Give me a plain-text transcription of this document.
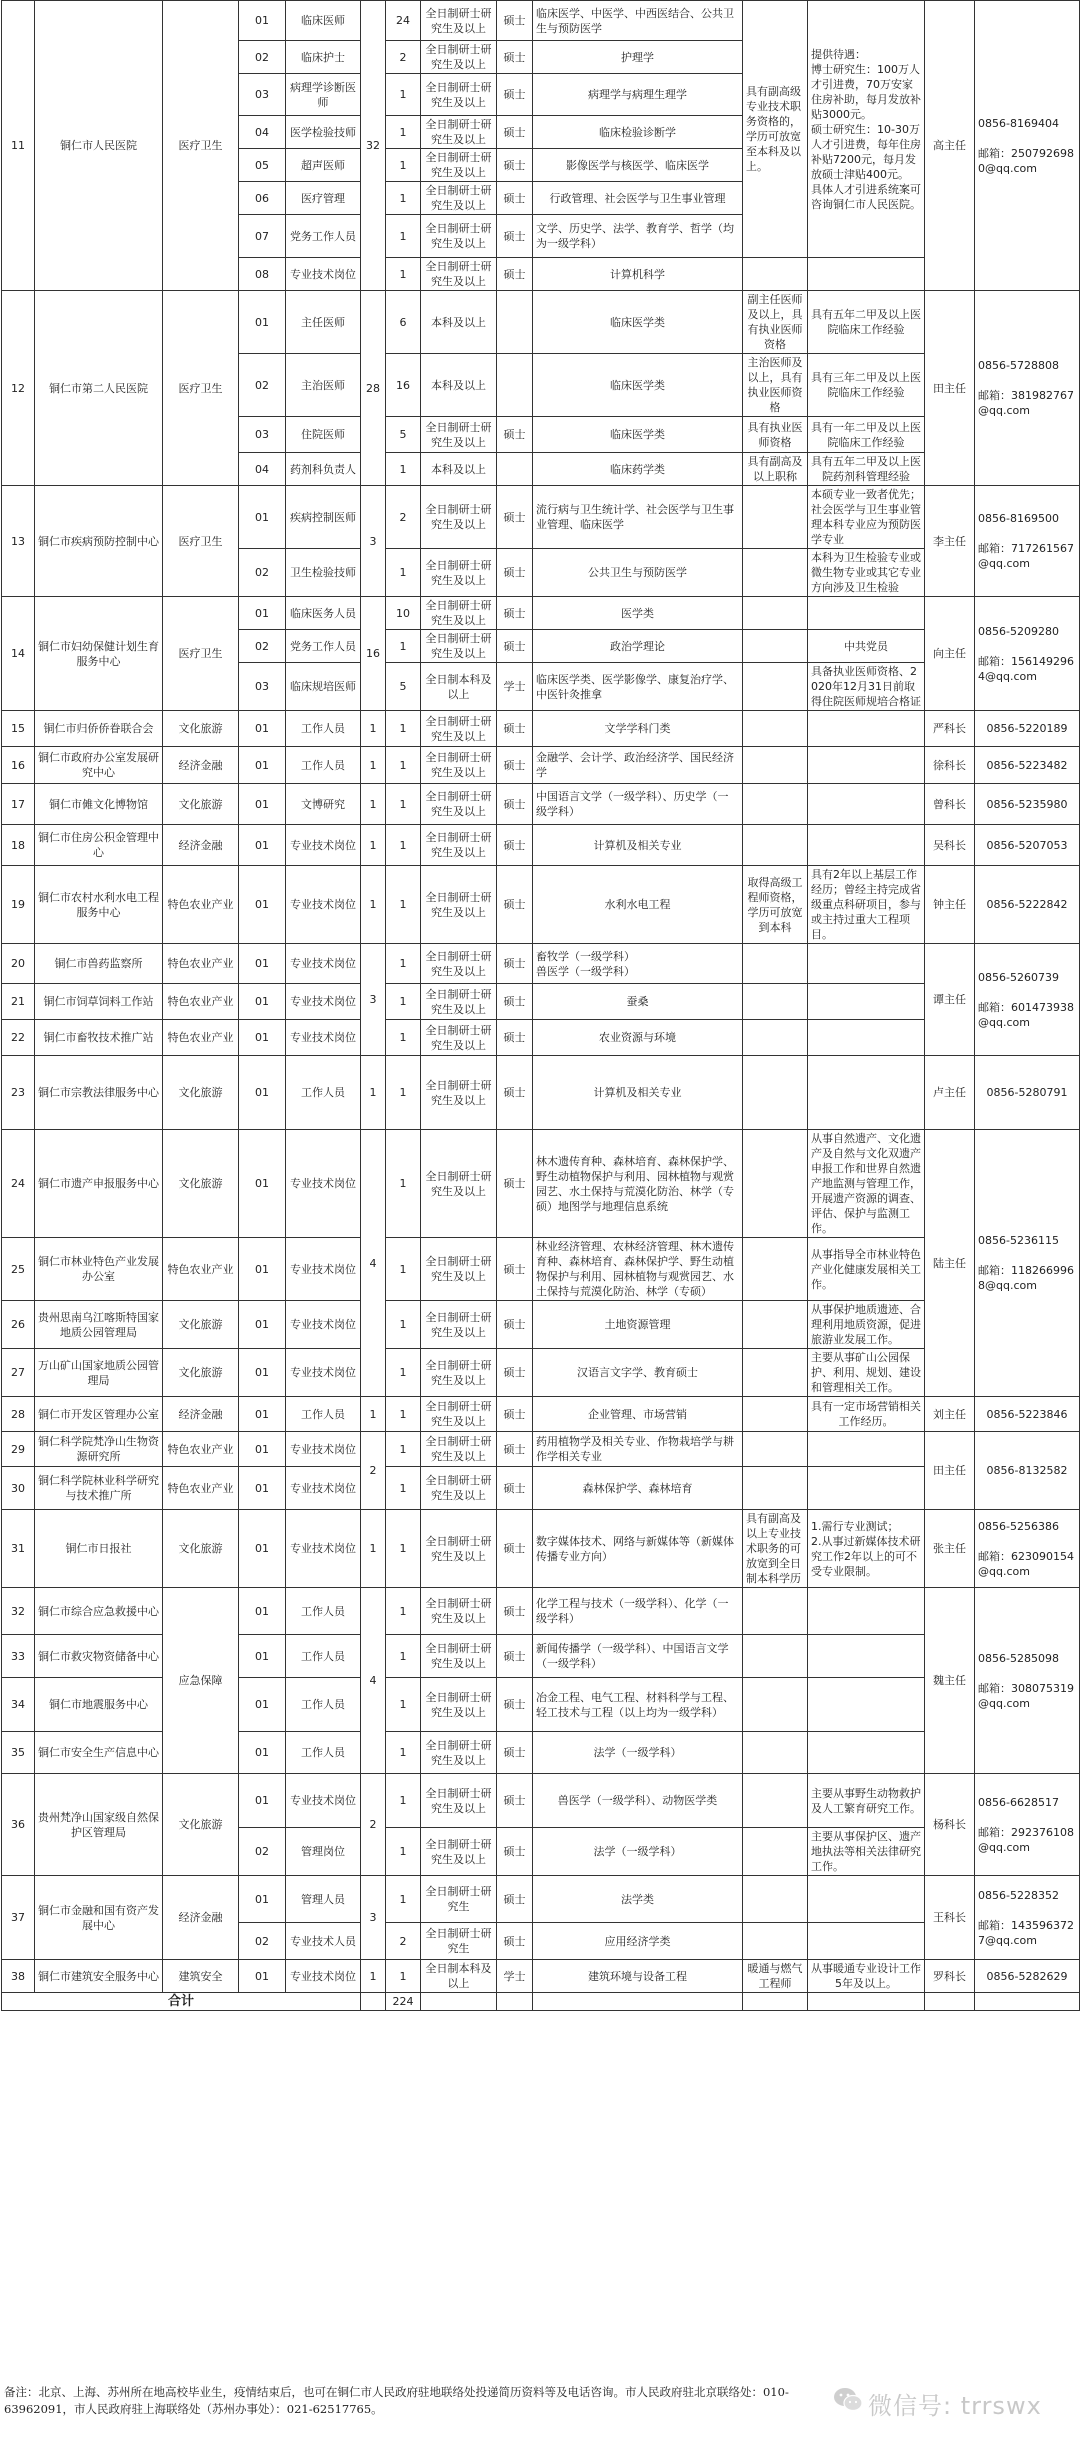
11	铜仁市人民医院	医疗卫生	01	临床医师	32	24	全日制研士研究生及以上	硕士	临床医学、中医学、中西医结合、公共卫生与预防医学	具有副高级专业技术职务资格的，学历可放宽至本科及以上。	提供待遇：
博士研究生：100万人才引进费，70万安家住房补助，每月发放补贴3000元。
硕士研究生：10-30万人才引进费，每年住房补贴7200元，每月发放硕士津贴400元。
具体人才引进系统案可咨询铜仁市人民医院。	高主任	0856-8169404

邮箱：2507926980@qq.com
			02	临床护士		2	全日制研士研究生及以上	硕士	护理学				
			03	病理学诊断医师		1	全日制研士研究生及以上	硕士	病理学与病理生理学				
			04	医学检验技师		1	全日制研士研究生及以上	硕士	临床检验诊断学				
			05	超声医师		1	全日制研士研究生及以上	硕士	影像医学与核医学、临床医学				
			06	医疗管理		1	全日制研士研究生及以上	硕士	行政管理、社会医学与卫生事业管理				
			07	党务工作人员		1	全日制研士研究生及以上	硕士	文学、历史学、法学、教育学、哲学（均为一级学科）				
			08	专业技术岗位		1	全日制研士研究生及以上	硕士	计算机科学				
12	铜仁市第二人民医院	医疗卫生	01	主任医师	28	6	本科及以上		临床医学类	副主任医师及以上，具有执业医师资格	具有五年二甲及以上医院临床工作经验	田主任	0856-5728808

邮箱：381982767@qq.com
			02	主治医师		16	本科及以上		临床医学类	主治医师及以上，具有执业医师资格	具有三年二甲及以上医院临床工作经验		
			03	住院医师		5	全日制研士研究生及以上	硕士	临床医学类	具有执业医师资格	具有一年二甲及以上医院临床工作经验		
			04	药剂科负责人		1	本科及以上		临床药学类	具有副高及以上职称	具有五年二甲及以上医院药剂科管理经验		
13	铜仁市疾病预防控制中心	医疗卫生	01	疾病控制医师	3	2	全日制研士研究生及以上	硕士	流行病与卫生统计学、社会医学与卫生事业管理、临床医学		本硕专业一致者优先；社会医学与卫生事业管理本科专业应为预防医学专业	李主任	0856-8169500

邮箱：717261567@qq.com
			02	卫生检验技师		1	全日制研士研究生及以上	硕士	公共卫生与预防医学		本科为卫生检验专业或微生物专业或其它专业方向涉及卫生检验		
14	铜仁市妇幼保健计划生育服务中心	医疗卫生	01	临床医务人员	16	10	全日制研士研究生及以上	硕士	医学类			向主任	0856-5209280

邮箱：1561492964@qq.com
			02	党务工作人员		1	全日制研士研究生及以上	硕士	政治学理论		中共党员		
			03	临床规培医师		5	全日制本科及以上	学士	临床医学类、医学影像学、康复治疗学、中医针灸推拿		具备执业医师资格、2020年12月31日前取得住院医师规培合格证		
15	铜仁市归侨侨眷联合会	文化旅游	01	工作人员	1	1	全日制研士研究生及以上	硕士	文学学科门类			严科长	0856-5220189
16	铜仁市政府办公室发展研究中心	经济金融	01	工作人员	1	1	全日制研士研究生及以上	硕士	金融学、会计学、政治经济学、国民经济学			徐科长	0856-5223482
17	铜仁市傩文化博物馆	文化旅游	01	文博研究	1	1	全日制研士研究生及以上	硕士	中国语言文学（一级学科）、历史学（一级学科）			曾科长	0856-5235980
18	铜仁市住房公积金管理中心	经济金融	01	专业技术岗位	1	1	全日制研士研究生及以上	硕士	计算机及相关专业			吴科长	0856-5207053
19	铜仁市农村水利水电工程服务中心	特色农业产业	01	专业技术岗位	1	1	全日制研士研究生及以上	硕士	水利水电工程	取得高级工程师资格，学历可放宽到本科	具有2年以上基层工作经历；曾经主持完成省级重点科研项目，参与或主持过重大工程项目。	钟主任	0856-5222842
20	铜仁市兽药监察所	特色农业产业	01	专业技术岗位	3	1	全日制研士研究生及以上	硕士	畜牧学（一级学科）
兽医学（一级学科）			谭主任	0856-5260739

邮箱：601473938@qq.com
21	铜仁市饲草饲料工作站	特色农业产业	01	专业技术岗位		1	全日制研士研究生及以上	硕士	蚕桑				
22	铜仁市畜牧技术推广站	特色农业产业	01	专业技术岗位		1	全日制研士研究生及以上	硕士	农业资源与环境				
23	铜仁市宗教法律服务中心	文化旅游	01	工作人员	1	1	全日制研士研究生及以上	硕士	计算机及相关专业			卢主任	0856-5280791
24	铜仁市遗产申报服务中心	文化旅游	01	专业技术岗位	4	1	全日制研士研究生及以上	硕士	林木遗传育种、森林培育、森林保护学、野生动植物保护与利用、园林植物与观赏园艺、水土保持与荒漠化防治、林学（专硕）地图学与地理信息系统		从事自然遗产、文化遗产及自然与文化双遗产申报工作和世界自然遗产地监测与管理工作，开展遗产资源的调查、评估、保护与监测工作。	陆主任	0856-5236115

邮箱：1182669968@qq.com
25	铜仁市林业特色产业发展办公室	特色农业产业	01	专业技术岗位		1	全日制研士研究生及以上	硕士	林业经济管理、农林经济管理、林木遗传育种、森林培育、森林保护学、野生动植物保护与利用、园林植物与观赏园艺、水土保持与荒漠化防治、林学（专硕）		从事指导全市林业特色产业化健康发展相关工作。		
26	贵州思南乌江喀斯特国家地质公园管理局	文化旅游	01	专业技术岗位		1	全日制研士研究生及以上	硕士	土地资源管理		从事保护地质遗迹、合理利用地质资源，促进旅游业发展工作。		
27	万山矿山国家地质公园管理局	文化旅游	01	专业技术岗位		1	全日制研士研究生及以上	硕士	汉语言文字学、教育硕士		主要从事矿山公园保护、利用、规划、建设和管理相关工作。		
28	铜仁市开发区管理办公室	经济金融	01	工作人员	1	1	全日制研士研究生及以上	硕士	企业管理、市场营销		具有一定市场营销相关工作经历。	刘主任	0856-5223846
29	铜仁科学院梵净山生物资源研究所	特色农业产业	01	专业技术岗位	2	1	全日制研士研究生及以上	硕士	药用植物学及相关专业、作物栽培学与耕作学相关专业			田主任	0856-8132582
30	铜仁科学院林业科学研究与技术推广所	特色农业产业	01	专业技术岗位		1	全日制研士研究生及以上	硕士	森林保护学、森林培育				
31	铜仁市日报社	文化旅游	01	专业技术岗位	1	1	全日制研士研究生及以上	硕士	数字媒体技术、网络与新媒体等（新媒体传播专业方向）	具有副高及以上专业技术职务的可放宽到全日制本科学历	1.需行专业测试；
2.从事过新媒体技术研究工作2年以上的可不受专业限制。	张主任	0856-5256386

邮箱：623090154@qq.com
32	铜仁市综合应急救援中心	应急保障	01	工作人员	4	1	全日制研士研究生及以上	硕士	化学工程与技术（一级学科）、化学（一级学科）			魏主任	0856-5285098

邮箱：308075319@qq.com
33	铜仁市救灾物资储备中心		01	工作人员		1	全日制研士研究生及以上	硕士	新闻传播学（一级学科）、中国语言文学（一级学科）				
34	铜仁市地震服务中心		01	工作人员		1	全日制研士研究生及以上	硕士	冶金工程、电气工程、材料科学与工程、轻工技术与工程（以上均为一级学科）				
35	铜仁市安全生产信息中心		01	工作人员		1	全日制研士研究生及以上	硕士	法学（一级学科）				
36	贵州梵净山国家级自然保护区管理局	文化旅游	01	专业技术岗位	2	1	全日制研士研究生及以上	硕士	兽医学（一级学科）、动物医学类		主要从事野生动物救护及人工繁育研究工作。	杨科长	0856-6628517

邮箱：292376108@qq.com
			02	管理岗位		1	全日制研士研究生及以上	硕士	法学（一级学科）		主要从事保护区、遗产地执法等相关法律研究工作。		
37	铜仁市金融和国有资产发展中心	经济金融	01	管理人员	3	1	全日制研士研究生	硕士	法学类			王科长	0856-5228352

邮箱：1435963727@qq.com
			02	专业技术人员		2	全日制研士研究生	硕士	应用经济学类				
38	铜仁市建筑安全服务中心	建筑安全	01	专业技术岗位	1	1	全日制本科及以上	学士	建筑环境与设备工程	暖通与燃气工程师	从事暖通专业设计工作5年及以上。	罗科长	0856-5282629
合计						224							
备注：北京、上海、苏州所在地高校毕业生，疫情结束后，也可在铜仁市人民政府驻地联络处投递简历资料等及电话咨询。市人民政府驻北京联络处：010-63962091，市人民政府驻上海联络处（苏州办事处）：021-62517765。	微信号: trrswx
